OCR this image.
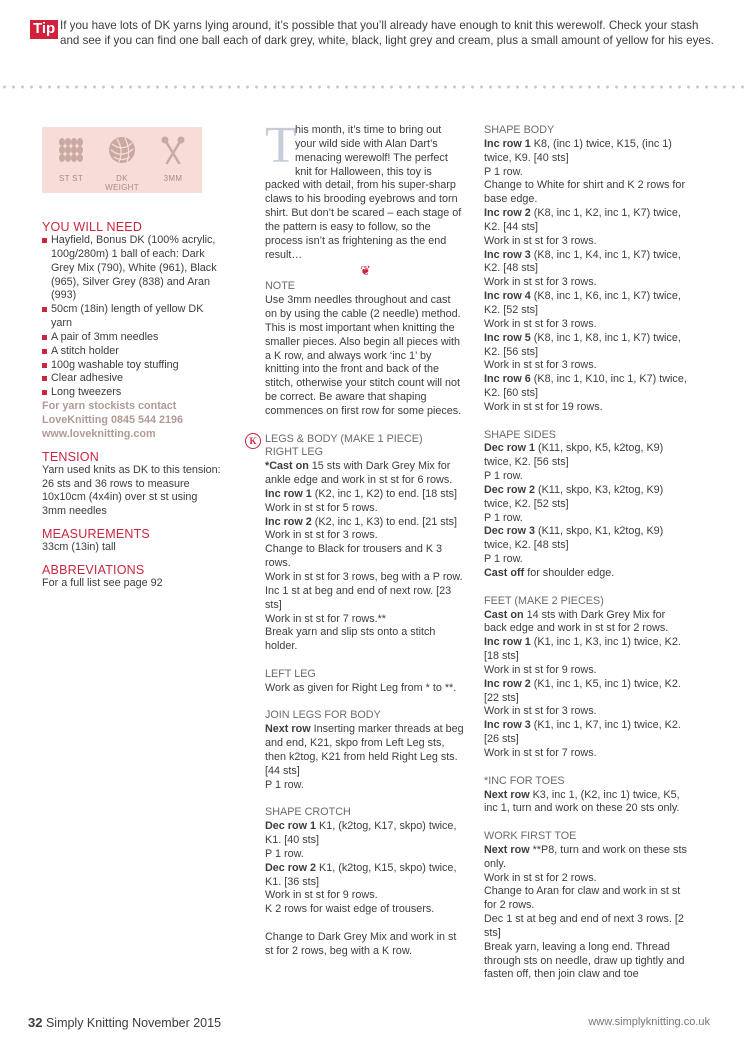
Tip If you have lots of DK yarns lying around, it’s possible that you’ll already have enough to knit this werewolf. Check your stash and see if you can find one ball each of dark grey, white, black, light grey and cream, plus a small amount of yellow for his eyes.
ST ST	DK
WEIGHT
3MM

YOU WILL NEED

Hayfield, Bonus DK (100% acrylic, 100g/280m) 1 ball of each: Dark Grey Mix (790), White (961), Black (965), Silver Grey (838) and Aran (993)
50cm (18in) length of yellow DK yarn
A pair of 3mm needles
A stitch holder
100g washable toy stuffing
Clear adhesive
Long tweezers

For yarn stockists contact

LoveKnitting 0845 544 2196

www.loveknitting.com

TENSION

Yarn used knits as DK to this tension: 26 sts and 36 rows to measure 10x10cm (4x4in) over st st using 3mm needles

MEASUREMENTS

33cm (13in) tall

ABBREVIATIONS

For a full list see page 92

T
his month, it’s time to bring out your wild side with Alan Dart’s menacing werewolf! The perfect knit for Halloween, this toy is packed with detail, from his super-sharp claws to his brooding eyebrows and torn shirt. But don’t be scared – each stage of the pattern is easy to follow, so the process isn’t as frightening as the end result…

❦

NOTE

Use 3mm needles throughout and cast on by using the cable (2 needle) method. This is most important when knitting the smaller pieces. Also begin all pieces with a K row, and always work ‘inc 1’ by knitting into the front and back of the stitch, otherwise your stitch count will not be correct. Be aware that shaping commences on first row for some pieces.

K LEGS & BODY (MAKE 1 PIECE)

RIGHT LEG

*Cast on 15 sts with Dark Grey Mix for ankle edge and work in st st for 6 rows.

Inc row 1 (K2, inc 1, K2) to end. [18 sts]

Work in st st for 5 rows.

Inc row 2 (K2, inc 1, K3) to end. [21 sts]

Work in st st for 3 rows.

Change to Black for trousers and K 3 rows.

Work in st st for 3 rows, beg with a P row.

Inc 1 st at beg and end of next row. [23 sts]

Work in st st for 7 rows.**

Break yarn and slip sts onto a stitch holder.

LEFT LEG

Work as given for Right Leg from * to **.

JOIN LEGS FOR BODY

Next row Inserting marker threads at beg and end, K21, skpo from Left Leg sts, then k2tog, K21 from held Right Leg sts. [44 sts]

P 1 row.

SHAPE CROTCH

Dec row 1 K1, (k2tog, K17, skpo) twice, K1. [40 sts]

P 1 row.

Dec row 2 K1, (k2tog, K15, skpo) twice, K1. [36 sts]

Work in st st for 9 rows.

K 2 rows for waist edge of trousers.

Change to Dark Grey Mix and work in st st for 2 rows, beg with a K row.

SHAPE BODY

Inc row 1 K8, (inc 1) twice, K15, (inc 1) twice, K9. [40 sts]

P 1 row.

Change to White for shirt and K 2 rows for base edge.

Inc row 2 (K8, inc 1, K2, inc 1, K7) twice, K2. [44 sts]

Work in st st for 3 rows.

Inc row 3 (K8, inc 1, K4, inc 1, K7) twice, K2. [48 sts]

Work in st st for 3 rows.

Inc row 4 (K8, inc 1, K6, inc 1, K7) twice, K2. [52 sts]

Work in st st for 3 rows.

Inc row 5 (K8, inc 1, K8, inc 1, K7) twice, K2. [56 sts]

Work in st st for 3 rows.

Inc row 6 (K8, inc 1, K10, inc 1, K7) twice, K2. [60 sts]

Work in st st for 19 rows.

SHAPE SIDES

Dec row 1 (K11, skpo, K5, k2tog, K9) twice, K2. [56 sts]

P 1 row.

Dec row 2 (K11, skpo, K3, k2tog, K9) twice, K2. [52 sts]

P 1 row.

Dec row 3 (K11, skpo, K1, k2tog, K9) twice, K2. [48 sts]

P 1 row.

Cast off for shoulder edge.

FEET (MAKE 2 PIECES)

Cast on 14 sts with Dark Grey Mix for back edge and work in st st for 2 rows.

Inc row 1 (K1, inc 1, K3, inc 1) twice, K2. [18 sts]

Work in st st for 9 rows.

Inc row 2 (K1, inc 1, K5, inc 1) twice, K2. [22 sts]

Work in st st for 3 rows.

Inc row 3 (K1, inc 1, K7, inc 1) twice, K2. [26 sts]

Work in st st for 7 rows.

*INC FOR TOES

Next row K3, inc 1, (K2, inc 1) twice, K5, inc 1, turn and work on these 20 sts only.

WORK FIRST TOE

Next row **P8, turn and work on these sts only.

Work in st st for 2 rows.

Change to Aran for claw and work in st st for 2 rows.

Dec 1 st at beg and end of next 3 rows. [2 sts]

Break yarn, leaving a long end. Thread through sts on needle, draw up tightly and fasten off, then join claw and toe

32 Simply Knitting November 2015	www.simplyknitting.co.uk
